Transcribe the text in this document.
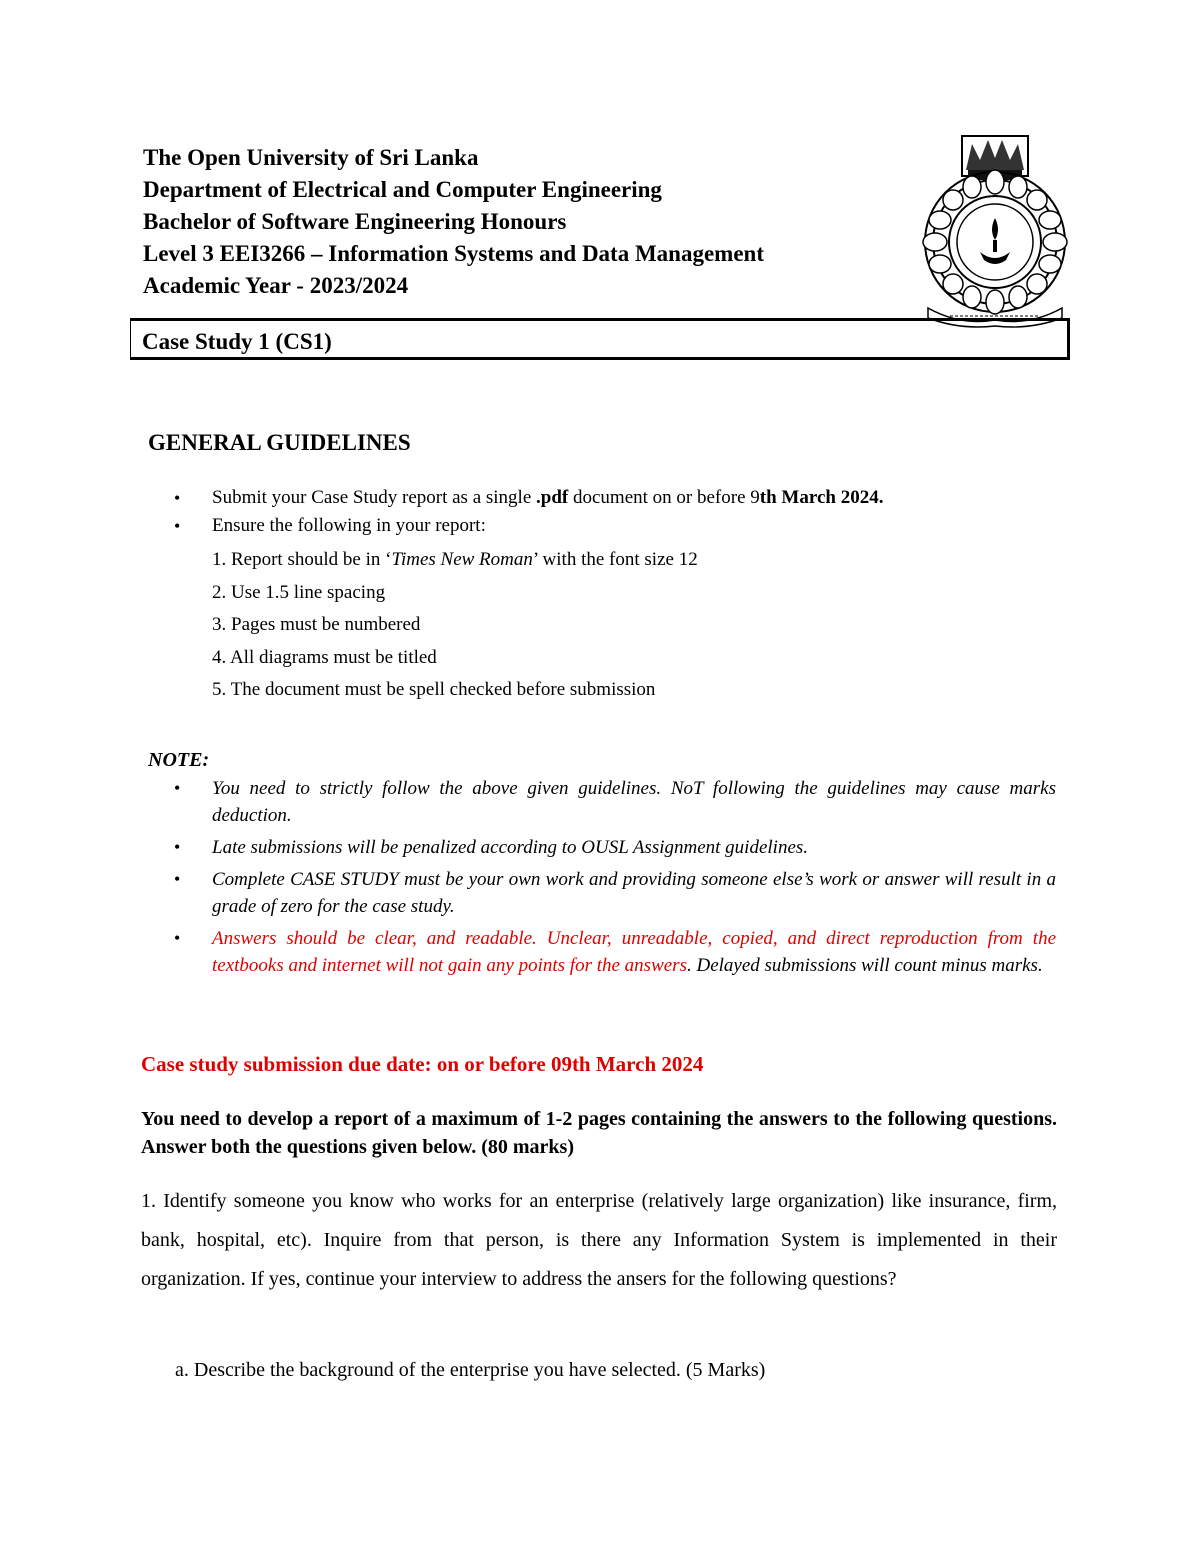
The Open University of Sri Lanka

Department of Electrical and Computer Engineering

Bachelor of Software Engineering Honours

Level 3 EEI3266 – Information Systems and Data Management

Academic Year - 2023/2024

Case Study 1 (CS1)
GENERAL GUIDELINES
• Submit your Case Study report as a single .pdf document on or before 9th March 2024.
• Ensure the following in your report:
1. Report should be in ‘Times New Roman’ with the font size 12
2. Use 1.5 line spacing
3. Pages must be numbered
4. All diagrams must be titled
5. The document must be spell checked before submission
NOTE:
• You need to strictly follow the above given guidelines. NoT following the guidelines may cause marks deduction.
• Late submissions will be penalized according to OUSL Assignment guidelines.
• Complete CASE STUDY must be your own work and providing someone else’s work or answer will result in a grade of zero for the case study.
• Answers should be clear, and readable. Unclear, unreadable, copied, and direct reproduction from the textbooks and internet will not gain any points for the answers. Delayed submissions will count minus marks.
Case study submission due date: on or before 09th March 2024
You need to develop a report of a maximum of 1-2 pages containing the answers to the following questions. Answer both the questions given below. (80 marks)
1. Identify someone you know who works for an enterprise (relatively large organization) like insurance, firm, bank, hospital, etc). Inquire from that person, is there any Information System is implemented in their organization. If yes, continue your interview to address the ansers for the following questions?
a. Describe the background of the enterprise you have selected. (5 Marks)
